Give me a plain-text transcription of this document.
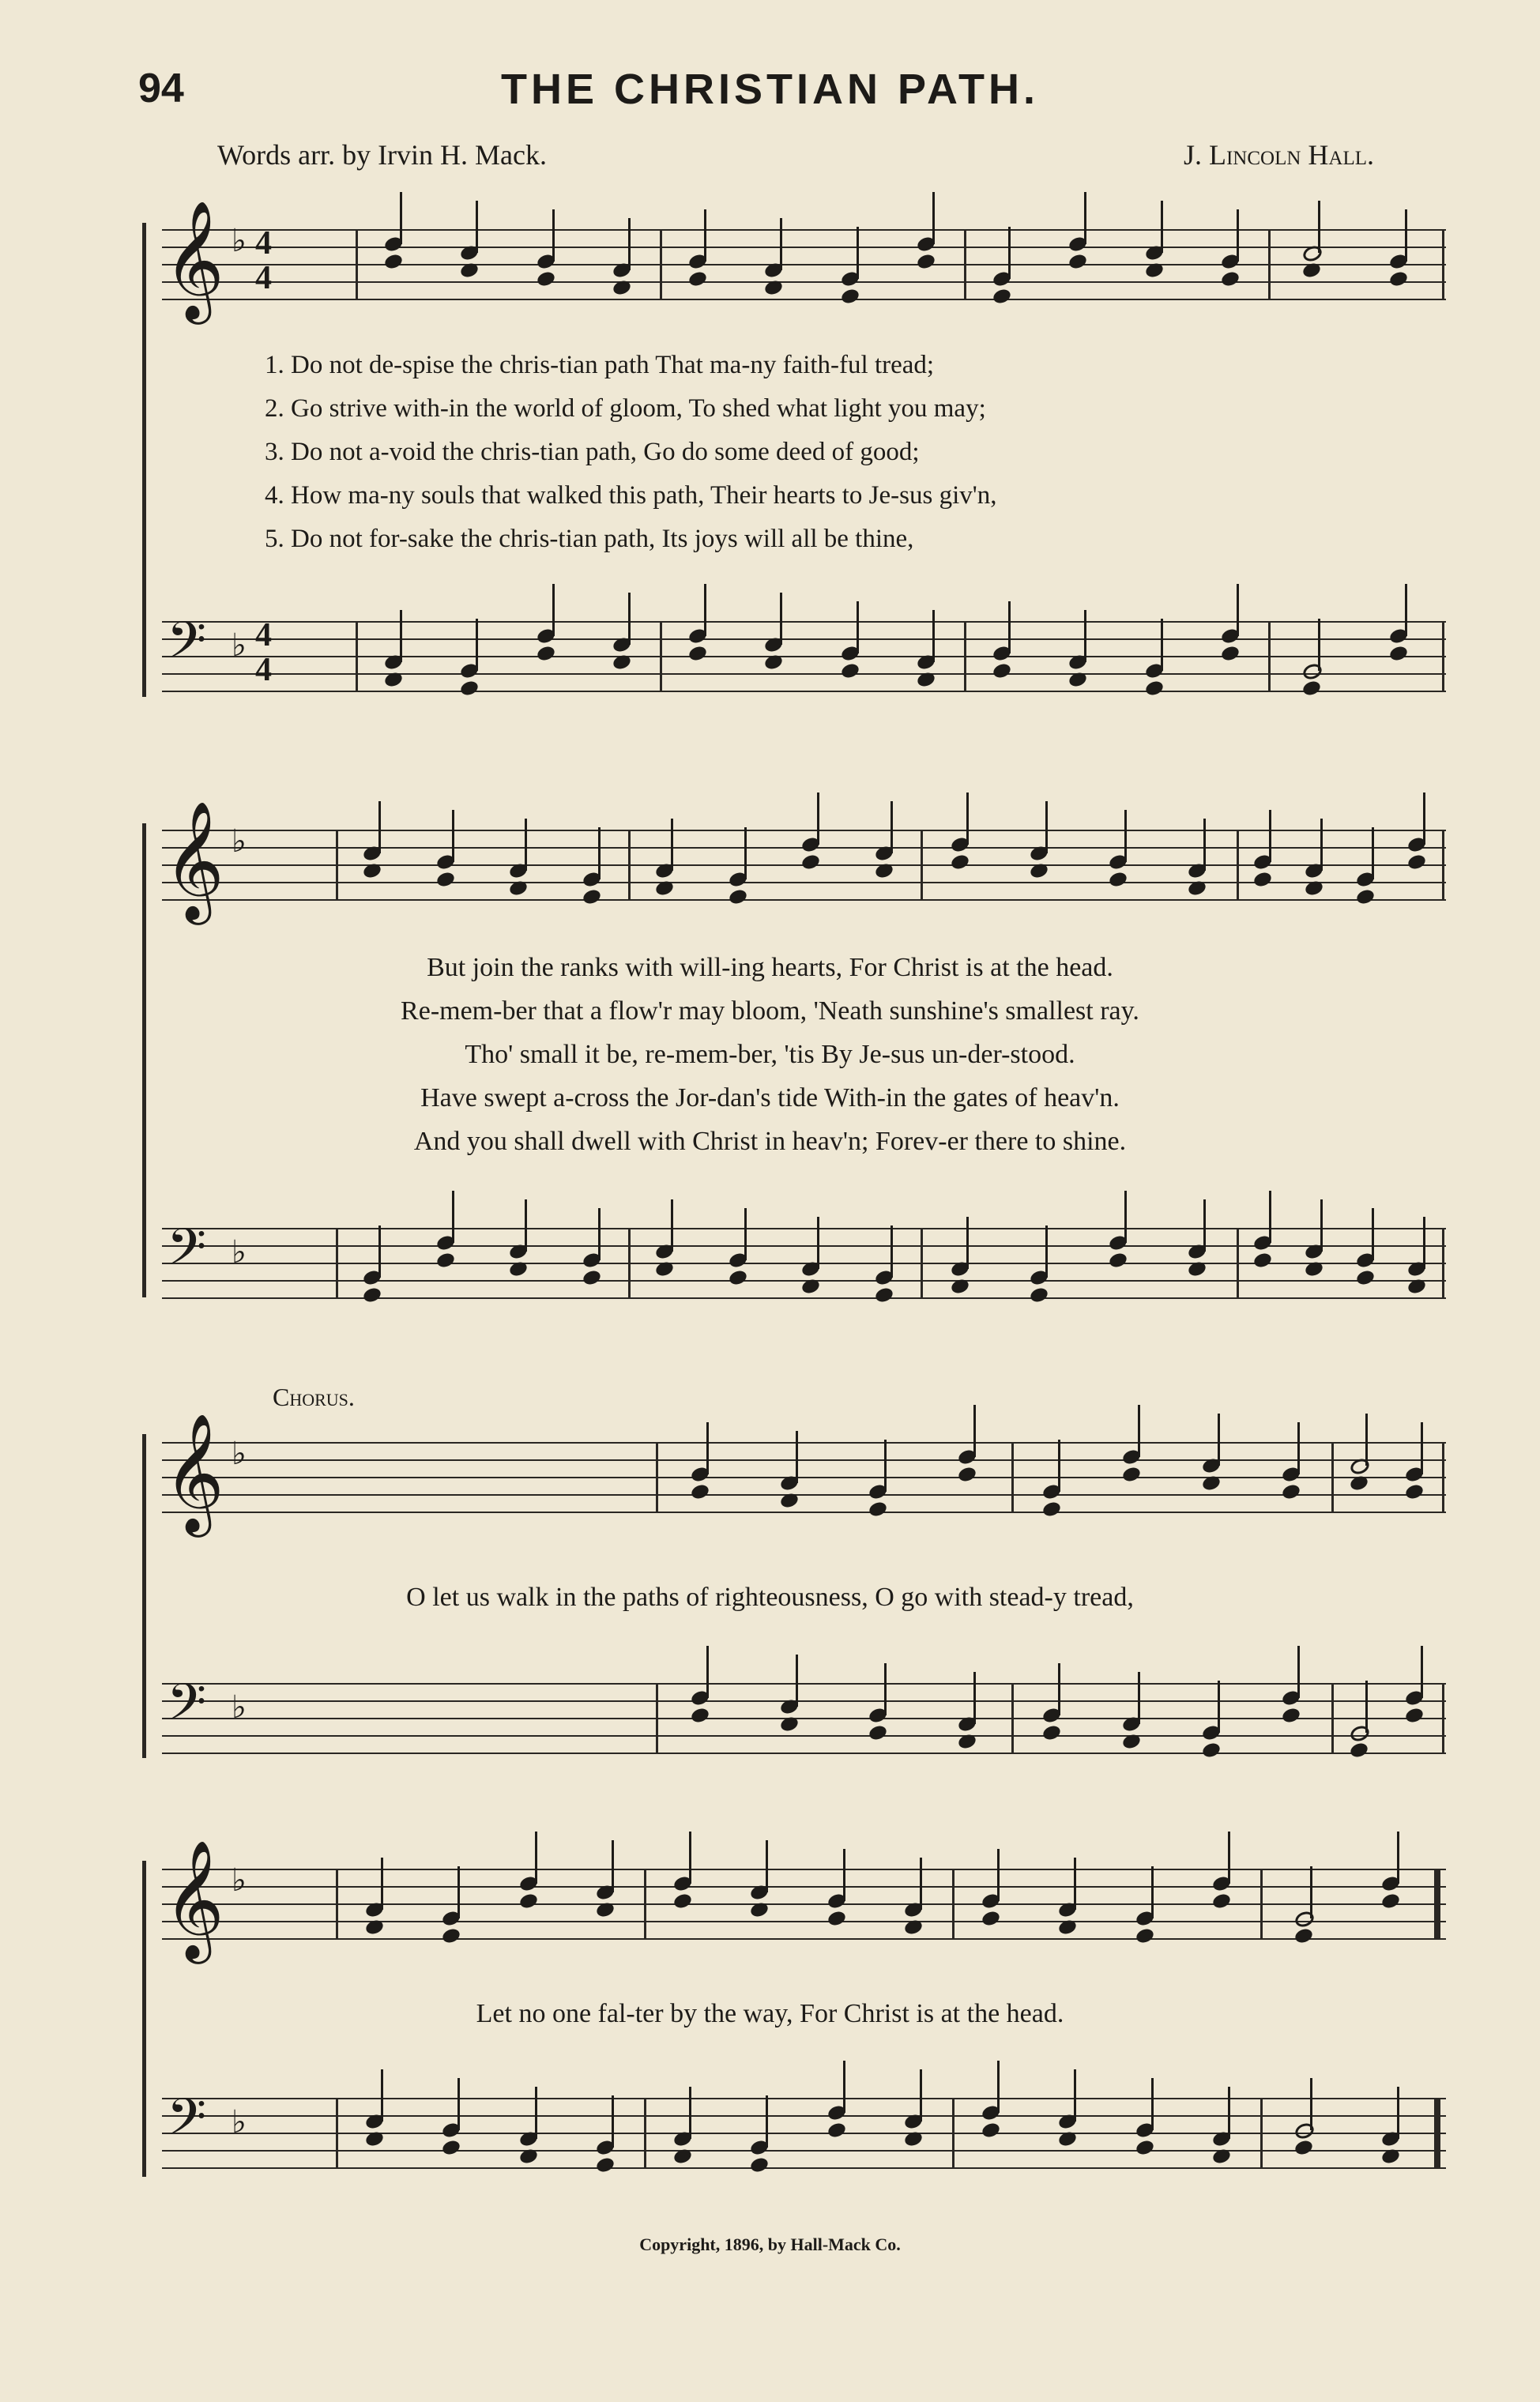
94	THE CHRISTIAN PATH.
Words arr. by Irvin H. Mack.	J. Lincoln Hall.
𝄞 ♭ 4
4
1. Do not de-spise the chris-tian path That ma-ny faith-ful tread;
2. Go strive with-in the world of gloom, To shed what light you may;
3. Do not a-void the chris-tian path, Go do some deed of good;
4. How ma-ny souls that walked this path, Their hearts to Je-sus giv'n,
5. Do not for-sake the chris-tian path, Its joys will all be thine,
𝄢 ♭ 4
4
𝄞 ♭
But join the ranks with will-ing hearts, For Christ is at the head.
Re-mem-ber that a flow'r may bloom, 'Neath sunshine's smallest ray.
Tho' small it be, re-mem-ber, 'tis By Je-sus un-der-stood.
Have swept a-cross the Jor-dan's tide With-in the gates of heav'n.
And you shall dwell with Christ in heav'n; Forev-er there to shine.
𝄢 ♭
Chorus.
𝄞 ♭
O let us walk in the paths of righteousness, O go with stead-y tread,
𝄢 ♭
𝄞 ♭
Let no one fal-ter by the way, For Christ is at the head.
𝄢 ♭
Copyright, 1896, by Hall-Mack Co.
